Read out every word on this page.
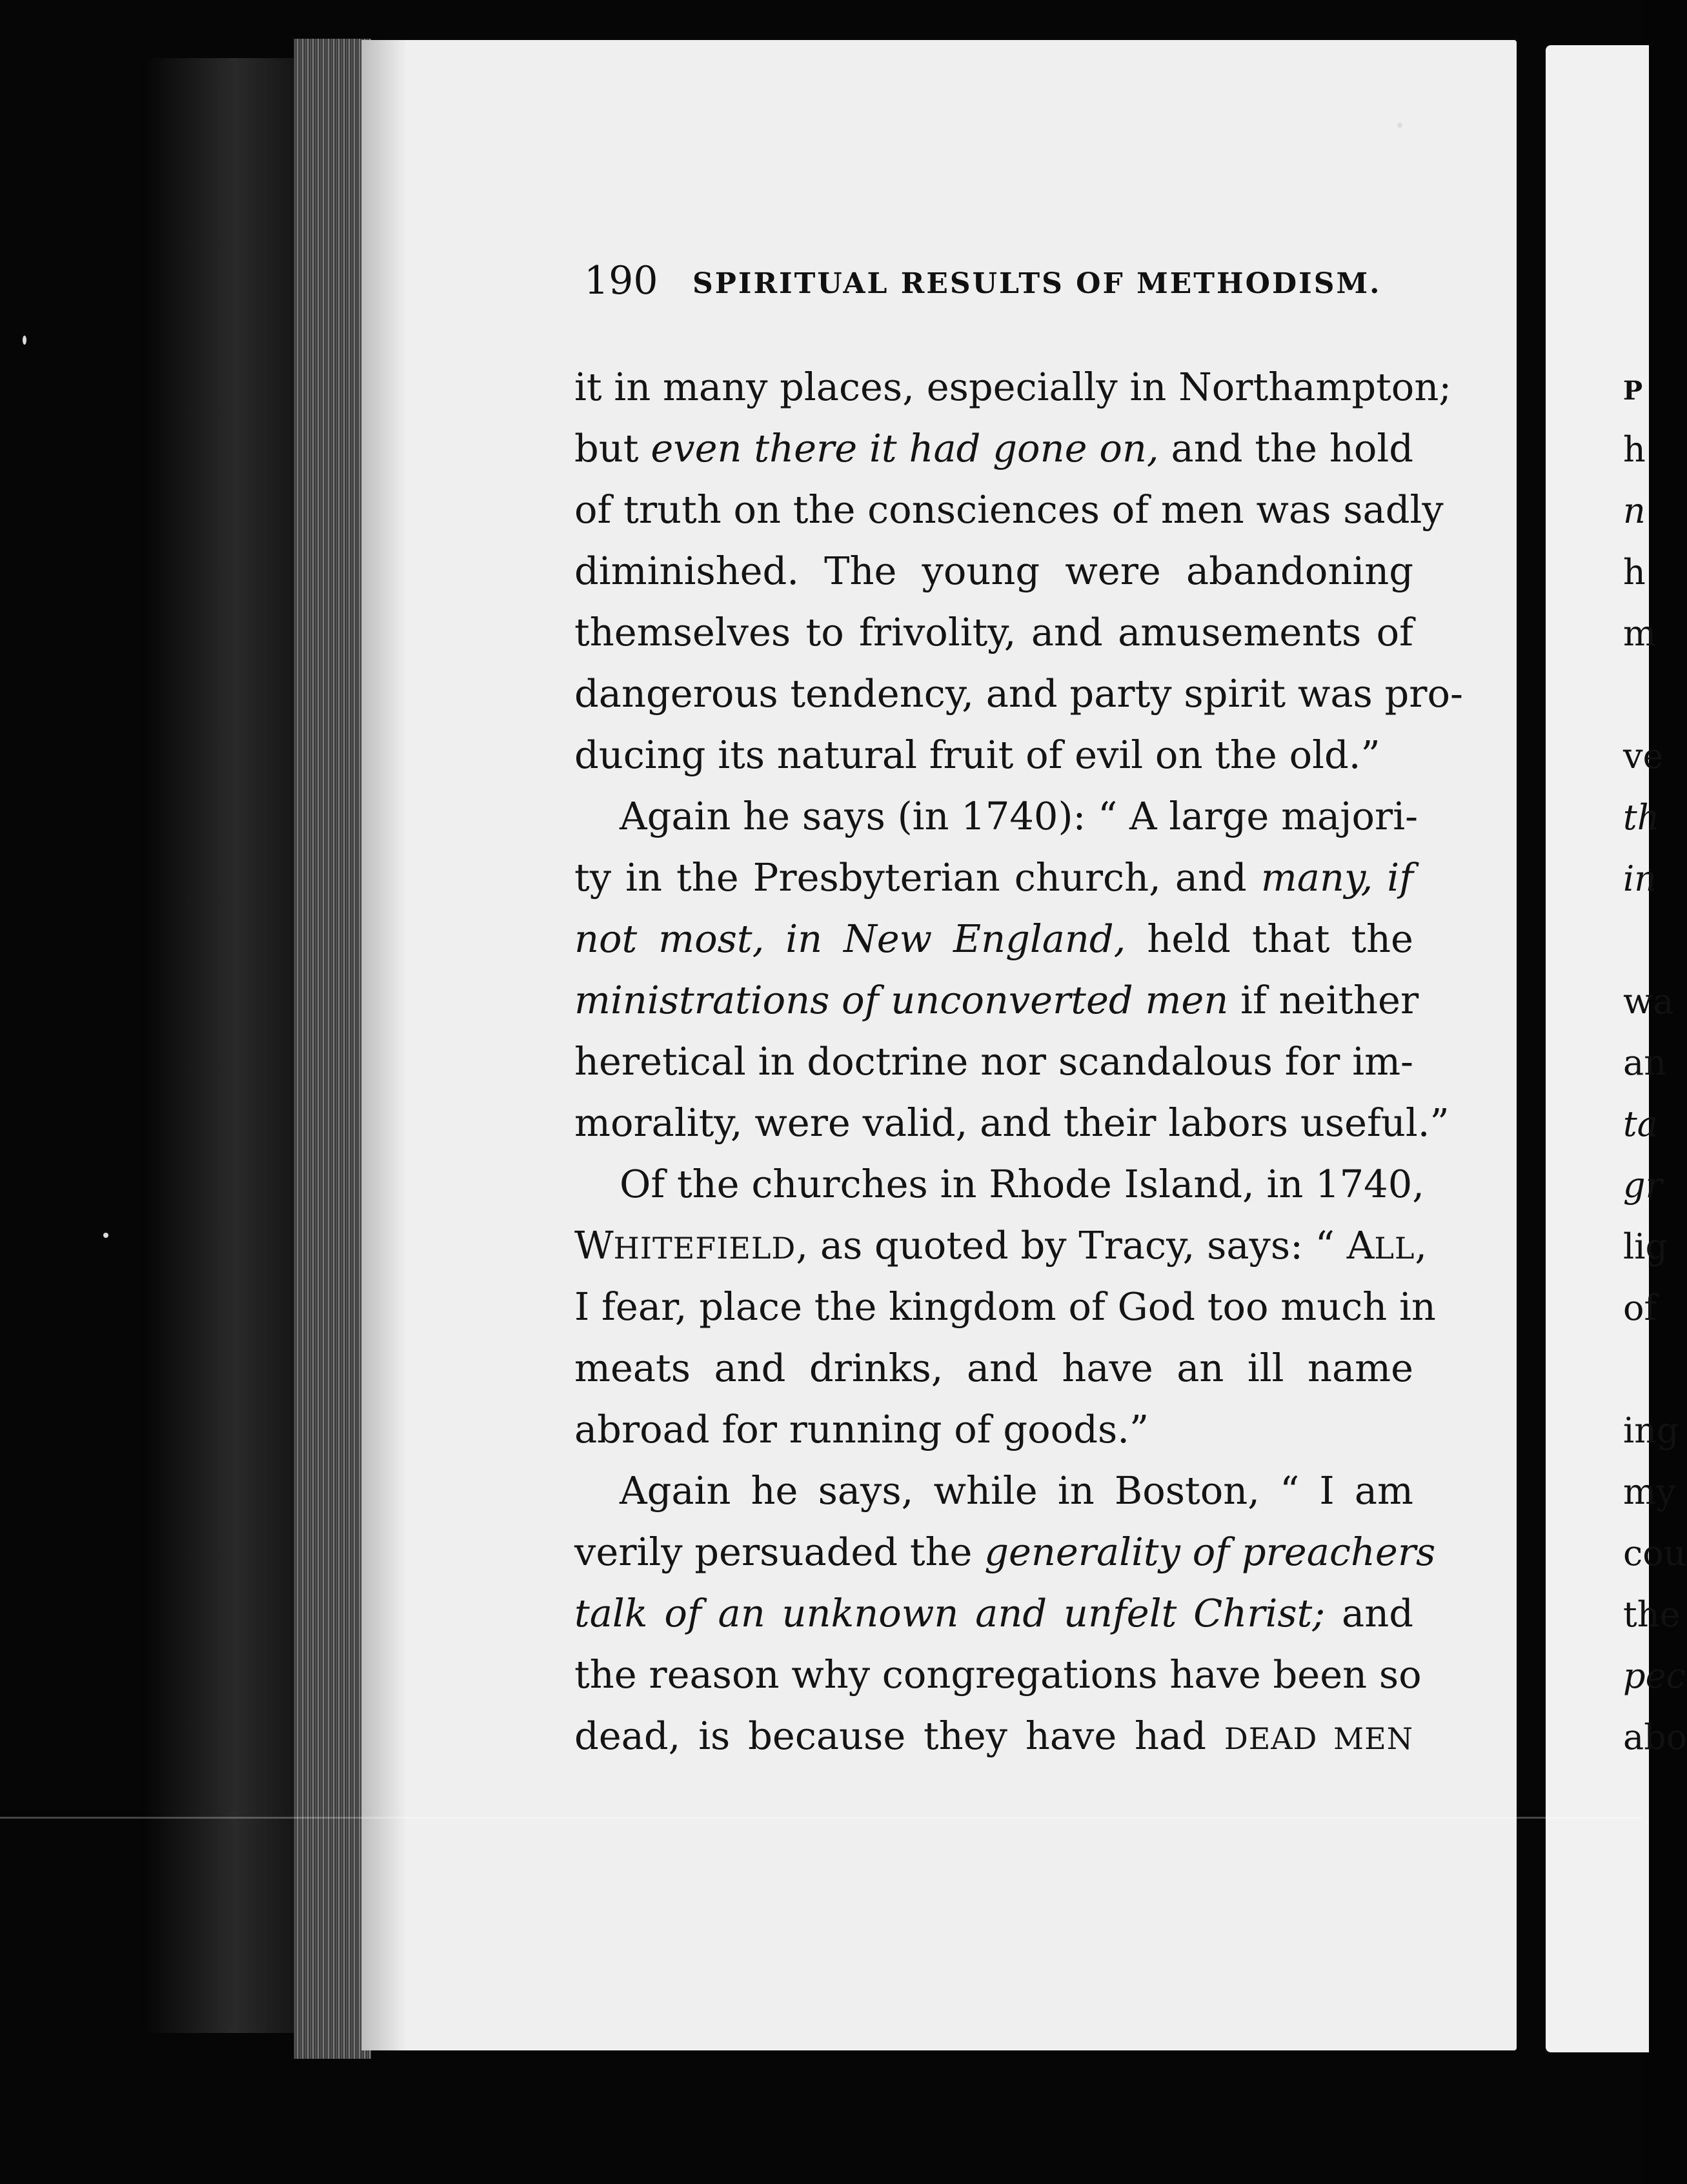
P
h
n
h
m
ve
th
in
wa
an
ta
gr
lig
of
ing
my
cou
the
pec
abo
190 SPIRITUAL RESULTS OF METHODISM.
it in many places, especially in Northampton;
but even there it had gone on, and the hold
of truth on the consciences of men was sadly
diminished. The young were abandoning
themselves to frivolity, and amusements of
dangerous tendency, and party spirit was pro-
ducing its natural fruit of evil on the old.”
Again he says (in 1740): “ A large majori-
ty in the Presbyterian church, and many, if
not most, in New England, held that the
ministrations of unconverted men if neither
heretical in doctrine nor scandalous for im-
morality, were valid, and their labors useful.”
Of the churches in Rhode Island, in 1740,
WHITEFIELD, as quoted by Tracy, says: “ ALL,
I fear, place the kingdom of God too much in
meats and drinks, and have an ill name
abroad for running of goods.”
Again he says, while in Boston, “ I am
verily persuaded the generality of preachers
talk of an unknown and unfelt Christ; and
the reason why congregations have been so
dead, is because they have had DEAD MEN
